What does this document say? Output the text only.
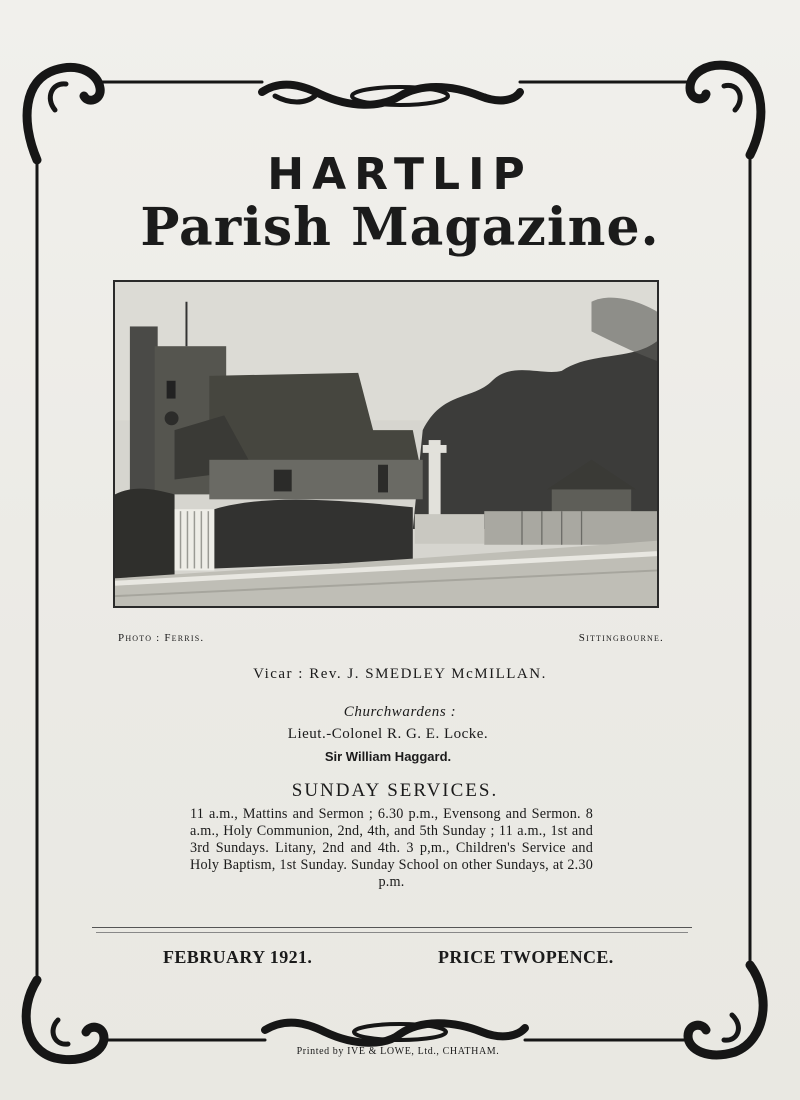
HARTLIP
Parish Magazine.
Photo : Ferris.	Sittingbourne.
Vicar : Rev. J. SMEDLEY McMILLAN.
Churchwardens :
Lieut.-Colonel R. G. E. Locke.
Sir William Haggard.
SUNDAY SERVICES.
11 a.m., Mattins and Sermon ; 6.30 p.m., Evensong and Sermon. 8 a.m., Holy Communion, 2nd, 4th, and 5th Sunday ; 11 a.m., 1st and 3rd Sundays. Litany, 2nd and 4th. 3 p,m., Children's Service and Holy Baptism, 1st Sunday. Sunday School on other Sundays, at 2.30 p.m.
FEBRUARY 1921.	PRICE TWOPENCE.
Printed by IVE & LOWE, Ltd., CHATHAM.
